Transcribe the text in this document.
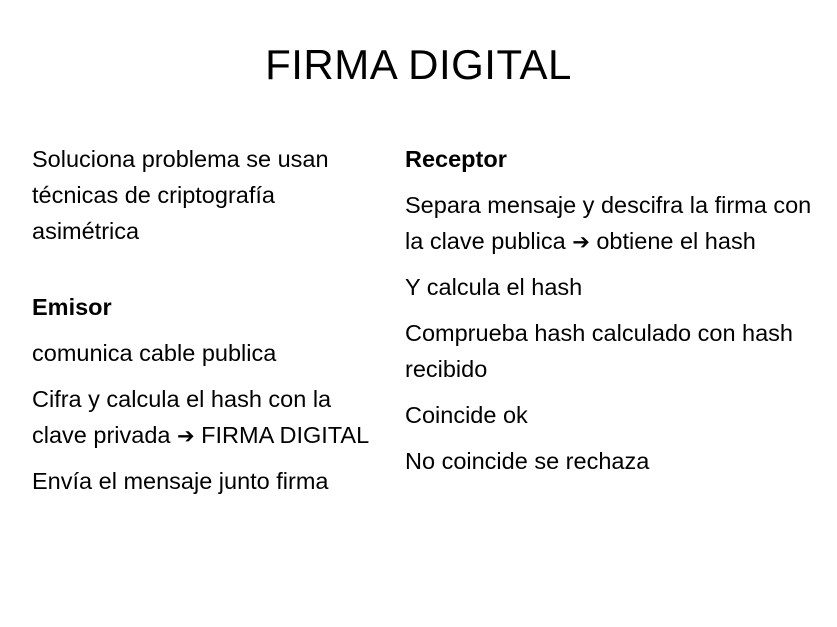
FIRMA DIGITAL

Soluciona problema se usan técnicas de criptografía asimétrica

Emisor

comunica cable publica

Cifra y calcula el hash con la clave privada ➔ FIRMA DIGITAL

Envía el mensaje junto firma

Receptor

Separa mensaje y descifra la firma con la clave publica ➔ obtiene el hash

Y calcula el hash

Comprueba hash calculado con hash recibido

Coincide ok

No coincide se rechaza
